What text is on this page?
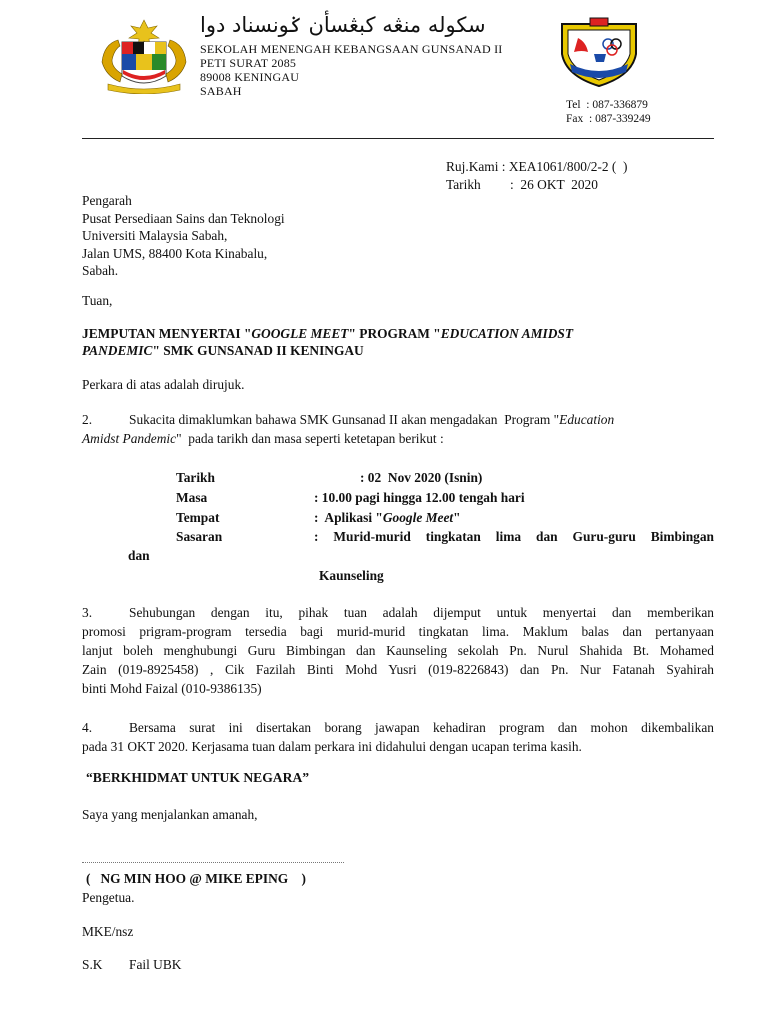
سکوله منڠه کبڠسأن ݢونسناد دوا
SEKOLAH MENENGAH KEBANGSAAN GUNSANAD II
PETI SURAT 2085
89008 KENINGAU
SABAH
Tel  : 087-336879
Fax  : 087-339249
Ruj.Kami : XEA1061/800/2-2 (  )
Tarikh :  26 OKT  2020
Pengarah
Pusat Persediaan Sains dan Teknologi
Universiti Malaysia Sabah,
Jalan UMS, 88400 Kota Kinabalu,
Sabah.
Tuan,
JEMPUTAN MENYERTAI "GOOGLE MEET" PROGRAM "EDUCATION AMIDST
PANDEMIC" SMK GUNSANAD II KENINGAU
Perkara di atas adalah dirujuk.
2.	Sukacita dimaklumkan bahawa SMK Gunsanad II akan mengadakan  Program "Education
Amidst Pandemic"  pada tarikh dan masa seperti ketetapan berikut :
Tarikh	: 02  Nov 2020 (Isnin)
Masa	: 10.00 pagi hingga 12.00 tengah hari
Tempat	:  Aplikasi "Google Meet"
Sasaran	: Murid-murid tingkatan lima dan Guru-guru Bimbingan
dan
Kaunseling
3.	Sehubungan dengan itu, pihak tuan adalah dijemput untuk menyertai dan memberikan
promosi prigram-program tersedia bagi murid-murid tingkatan lima. Maklum balas dan pertanyaan
lanjut boleh menghubungi Guru Bimbingan dan Kaunseling sekolah Pn. Nurul Shahida Bt. Mohamed
Zain (019-8925458) , Cik Fazilah Binti Mohd Yusri (019-8226843) dan Pn. Nur Fatanah Syahirah
binti Mohd Faizal (010-9386135)
4.	Bersama surat ini disertakan borang jawapan kehadiran program dan mohon dikembalikan
pada 31 OKT 2020. Kerjasama tuan dalam perkara ini didahului dengan ucapan terima kasih.
“BERKHIDMAT UNTUK NEGARA”
Saya yang menjalankan amanah,
(   NG MIN HOO @ MIKE EPING    )
Pengetua.
MKE/nsz
S.K Fail UBK
